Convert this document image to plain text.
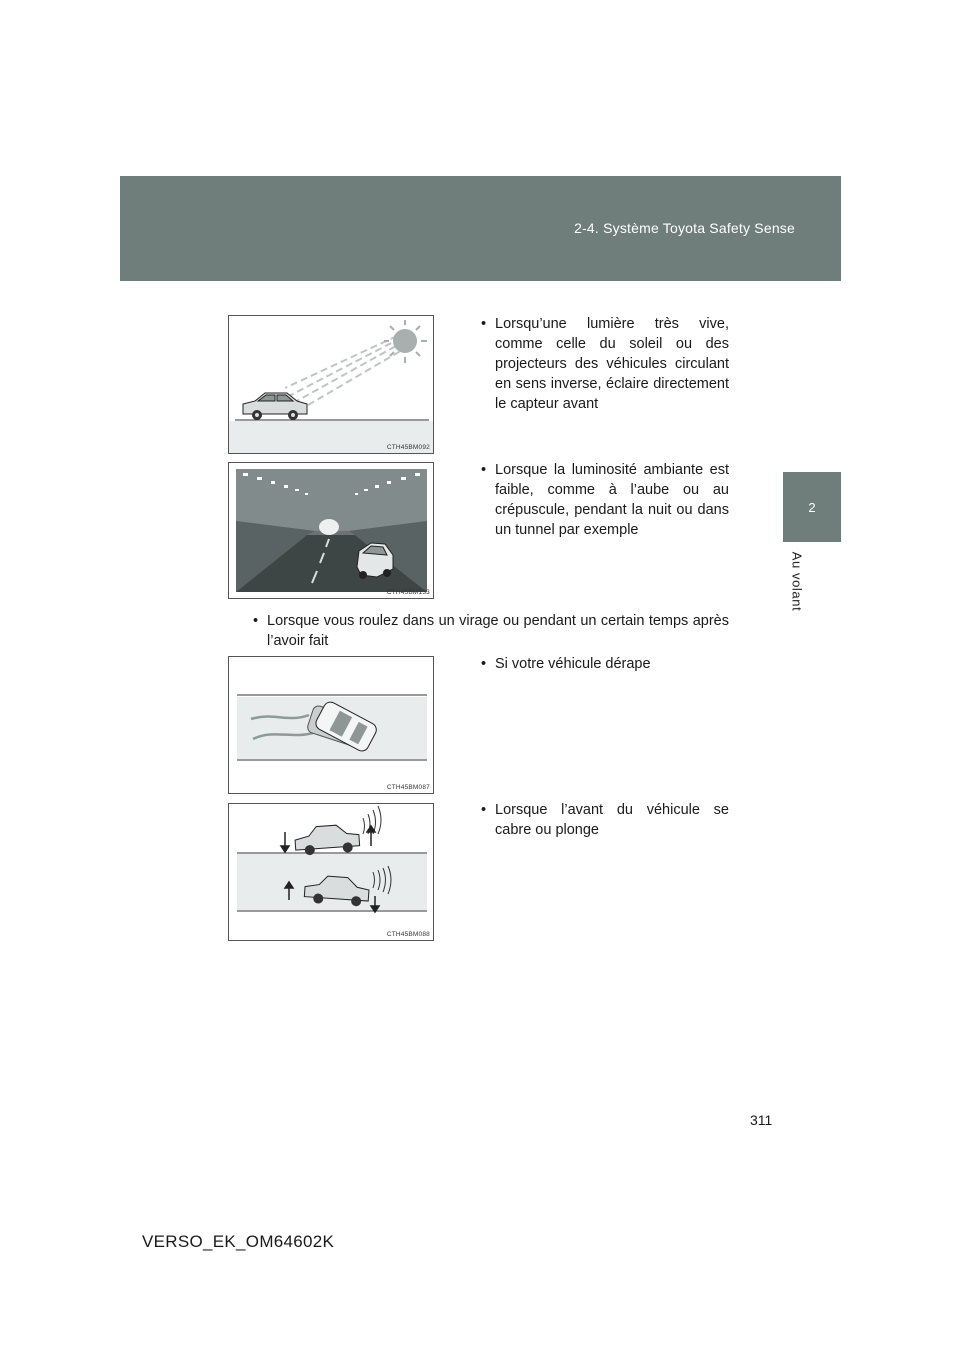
2-4. Système Toyota Safety Sense
2
Au volant
CTH45BM092
CTH45BM133
CTH45BM087
CTH45BM088
• Lorsqu’une lumière très vive, comme celle du soleil ou des projecteurs des véhicules circulant en sens inverse, éclaire directement le capteur avant
• Lorsque la luminosité ambiante est faible, comme à l’aube ou au crépuscule, pendant la nuit ou dans un tunnel par exemple
• Lorsque vous roulez dans un virage ou pendant un certain temps après l’avoir fait
• Si votre véhicule dérape
• Lorsque l’avant du véhicule se cabre ou plonge
311
VERSO_EK_OM64602K
